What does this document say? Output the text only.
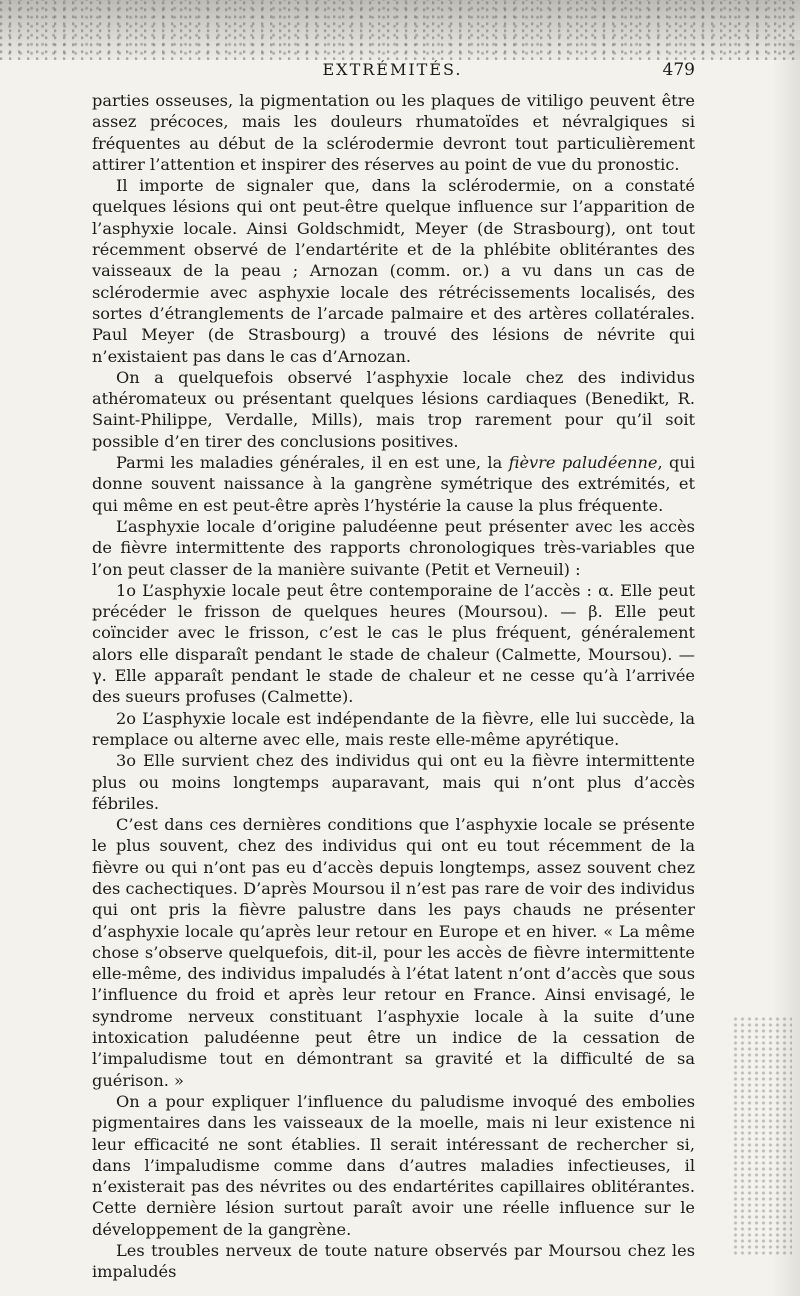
EXTRÉMITÉS.	479

parties osseuses, la pigmentation ou les plaques de vitiligo peuvent être assez précoces, mais les douleurs rhumatoïdes et névralgiques si fréquentes au début de la sclérodermie devront tout particulièrement attirer l’attention et inspirer des réserves au point de vue du pronostic.

Il importe de signaler que, dans la sclérodermie, on a constaté quelques lésions qui ont peut-être quelque influence sur l’apparition de l’asphyxie locale. Ainsi Goldschmidt, Meyer (de Strasbourg), ont tout récemment observé de l’endartérite et de la phlébite oblitérantes des vaisseaux de la peau ; Arnozan (comm. or.) a vu dans un cas de sclérodermie avec asphyxie locale des rétrécissements localisés, des sortes d’étranglements de l’arcade palmaire et des artères collatérales. Paul Meyer (de Strasbourg) a trouvé des lésions de névrite qui n’existaient pas dans le cas d’Arnozan.

On a quelquefois observé l’asphyxie locale chez des individus athéromateux ou présentant quelques lésions cardiaques (Benedikt, R. Saint-Philippe, Verdalle, Mills), mais trop rarement pour qu’il soit possible d’en tirer des conclusions positives.

Parmi les maladies générales, il en est une, la fièvre paludéenne, qui donne souvent naissance à la gangrène symétrique des extrémités, et qui même en est peut-être après l’hystérie la cause la plus fréquente.

L’asphyxie locale d’origine paludéenne peut présenter avec les accès de fièvre intermittente des rapports chronologiques très-variables que l’on peut classer de la manière suivante (Petit et Verneuil) :

1o L’asphyxie locale peut être contemporaine de l’accès : α. Elle peut précéder le frisson de quelques heures (Moursou). — β. Elle peut coïncider avec le frisson, c’est le cas le plus fréquent, généralement alors elle disparaît pendant le stade de chaleur (Calmette, Moursou). — γ. Elle apparaît pendant le stade de chaleur et ne cesse qu’à l’arrivée des sueurs profuses (Calmette).

2o L’asphyxie locale est indépendante de la fièvre, elle lui succède, la remplace ou alterne avec elle, mais reste elle-même apyrétique.

3o Elle survient chez des individus qui ont eu la fièvre intermittente plus ou moins longtemps auparavant, mais qui n’ont plus d’accès fébriles.

C’est dans ces dernières conditions que l’asphyxie locale se présente le plus souvent, chez des individus qui ont eu tout récemment de la fièvre ou qui n’ont pas eu d’accès depuis longtemps, assez souvent chez des cachectiques. D’après Moursou il n’est pas rare de voir des individus qui ont pris la fièvre palustre dans les pays chauds ne présenter d’asphyxie locale qu’après leur retour en Europe et en hiver. « La même chose s’observe quelquefois, dit-il, pour les accès de fièvre intermittente elle-même, des individus impaludés à l’état latent n’ont d’accès que sous l’influence du froid et après leur retour en France. Ainsi envisagé, le syndrome nerveux constituant l’asphyxie locale à la suite d’une intoxication paludéenne peut être un indice de la cessation de l’impaludisme tout en démontrant sa gravité et la difficulté de sa guérison. »

On a pour expliquer l’influence du paludisme invoqué des embolies pigmentaires dans les vaisseaux de la moelle, mais ni leur existence ni leur efficacité ne sont établies. Il serait intéressant de rechercher si, dans l’impaludisme comme dans d’autres maladies infectieuses, il n’existerait pas des névrites ou des endartérites capillaires oblitérantes. Cette dernière lésion surtout paraît avoir une réelle influence sur le développement de la gangrène.

Les troubles nerveux de toute nature observés par Moursou chez les impaludés
